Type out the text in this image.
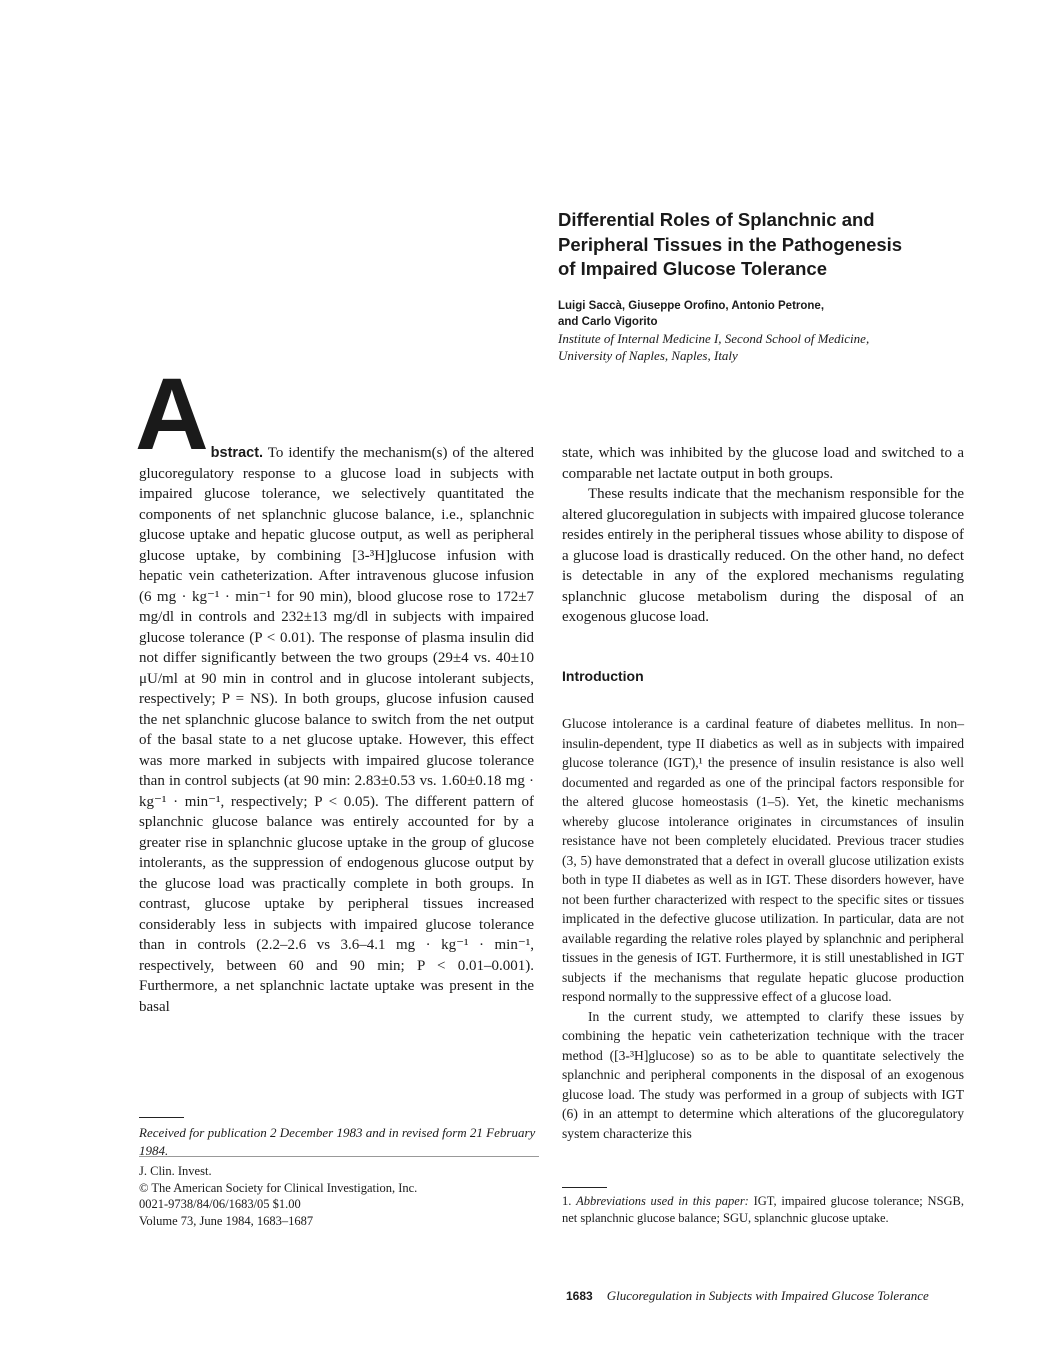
Differential Roles of Splanchnic and
Peripheral Tissues in the Pathogenesis
of Impaired Glucose Tolerance
Luigi Saccà, Giuseppe Orofino, Antonio Petrone,
and Carlo Vigorito
Institute of Internal Medicine I, Second School of Medicine,
University of Naples, Naples, Italy

Abstract. To identify the mechanism(s) of the altered glucoregulatory response to a glucose load in subjects with impaired glucose tolerance, we selectively quantitated the components of net splanchnic glucose balance, i.e., splanchnic glucose uptake and hepatic glucose output, as well as peripheral glucose uptake, by combining [3-³H]glucose infusion with hepatic vein catheterization. After intravenous glucose infusion (6 mg · kg⁻¹ · min⁻¹ for 90 min), blood glucose rose to 172±7 mg/dl in controls and 232±13 mg/dl in subjects with impaired glucose tolerance (P < 0.01). The response of plasma insulin did not differ significantly between the two groups (29±4 vs. 40±10 μU/ml at 90 min in control and in glucose intolerant subjects, respectively; P = NS). In both groups, glucose infusion caused the net splanchnic glucose balance to switch from the net output of the basal state to a net glucose uptake. However, this effect was more marked in subjects with impaired glucose tolerance than in control subjects (at 90 min: 2.83±0.53 vs. 1.60±0.18 mg · kg⁻¹ · min⁻¹, respectively; P < 0.05). The different pattern of splanchnic glucose balance was entirely accounted for by a greater rise in splanchnic glucose uptake in the group of glucose intolerants, as the suppression of endogenous glucose output by the glucose load was practically complete in both groups. In contrast, glucose uptake by peripheral tissues increased considerably less in subjects with impaired glucose tolerance than in controls (2.2–2.6 vs 3.6–4.1 mg · kg⁻¹ · min⁻¹, respectively, between 60 and 90 min; P < 0.01–0.001). Furthermore, a net splanchnic lactate uptake was present in the basal

state, which was inhibited by the glucose load and switched to a comparable net lactate output in both groups.

These results indicate that the mechanism responsible for the altered glucoregulation in subjects with impaired glucose tolerance resides entirely in the peripheral tissues whose ability to dispose of a glucose load is drastically reduced. On the other hand, no defect is detectable in any of the explored mechanisms regulating splanchnic glucose metabolism during the disposal of an exogenous glucose load.

Introduction

Glucose intolerance is a cardinal feature of diabetes mellitus. In non–insulin-dependent, type II diabetics as well as in subjects with impaired glucose tolerance (IGT),¹ the presence of insulin resistance is also well documented and regarded as one of the principal factors responsible for the altered glucose homeostasis (1–5). Yet, the kinetic mechanisms whereby glucose intolerance originates in circumstances of insulin resistance have not been completely elucidated. Previous tracer studies (3, 5) have demonstrated that a defect in overall glucose utilization exists both in type II diabetes as well as in IGT. These disorders however, have not been further characterized with respect to the specific sites or tissues implicated in the defective glucose utilization. In particular, data are not available regarding the relative roles played by splanchnic and peripheral tissues in the genesis of IGT. Furthermore, it is still unestablished in IGT subjects if the mechanisms that regulate hepatic glucose production respond normally to the suppressive effect of a glucose load.

In the current study, we attempted to clarify these issues by combining the hepatic vein catheterization technique with the tracer method ([3-³H]glucose) so as to be able to quantitate selectively the splanchnic and peripheral components in the disposal of an exogenous glucose load. The study was performed in a group of subjects with IGT (6) in an attempt to determine which alterations of the glucoregulatory system characterize this

Received for publication 2 December 1983 and in revised form 21 February 1984.
J. Clin. Invest.
© The American Society for Clinical Investigation, Inc.
0021-9738/84/06/1683/05 $1.00
Volume 73, June 1984, 1683–1687
1. Abbreviations used in this paper: IGT, impaired glucose tolerance; NSGB, net splanchnic glucose balance; SGU, splanchnic glucose uptake.
1683 Glucoregulation in Subjects with Impaired Glucose Tolerance
